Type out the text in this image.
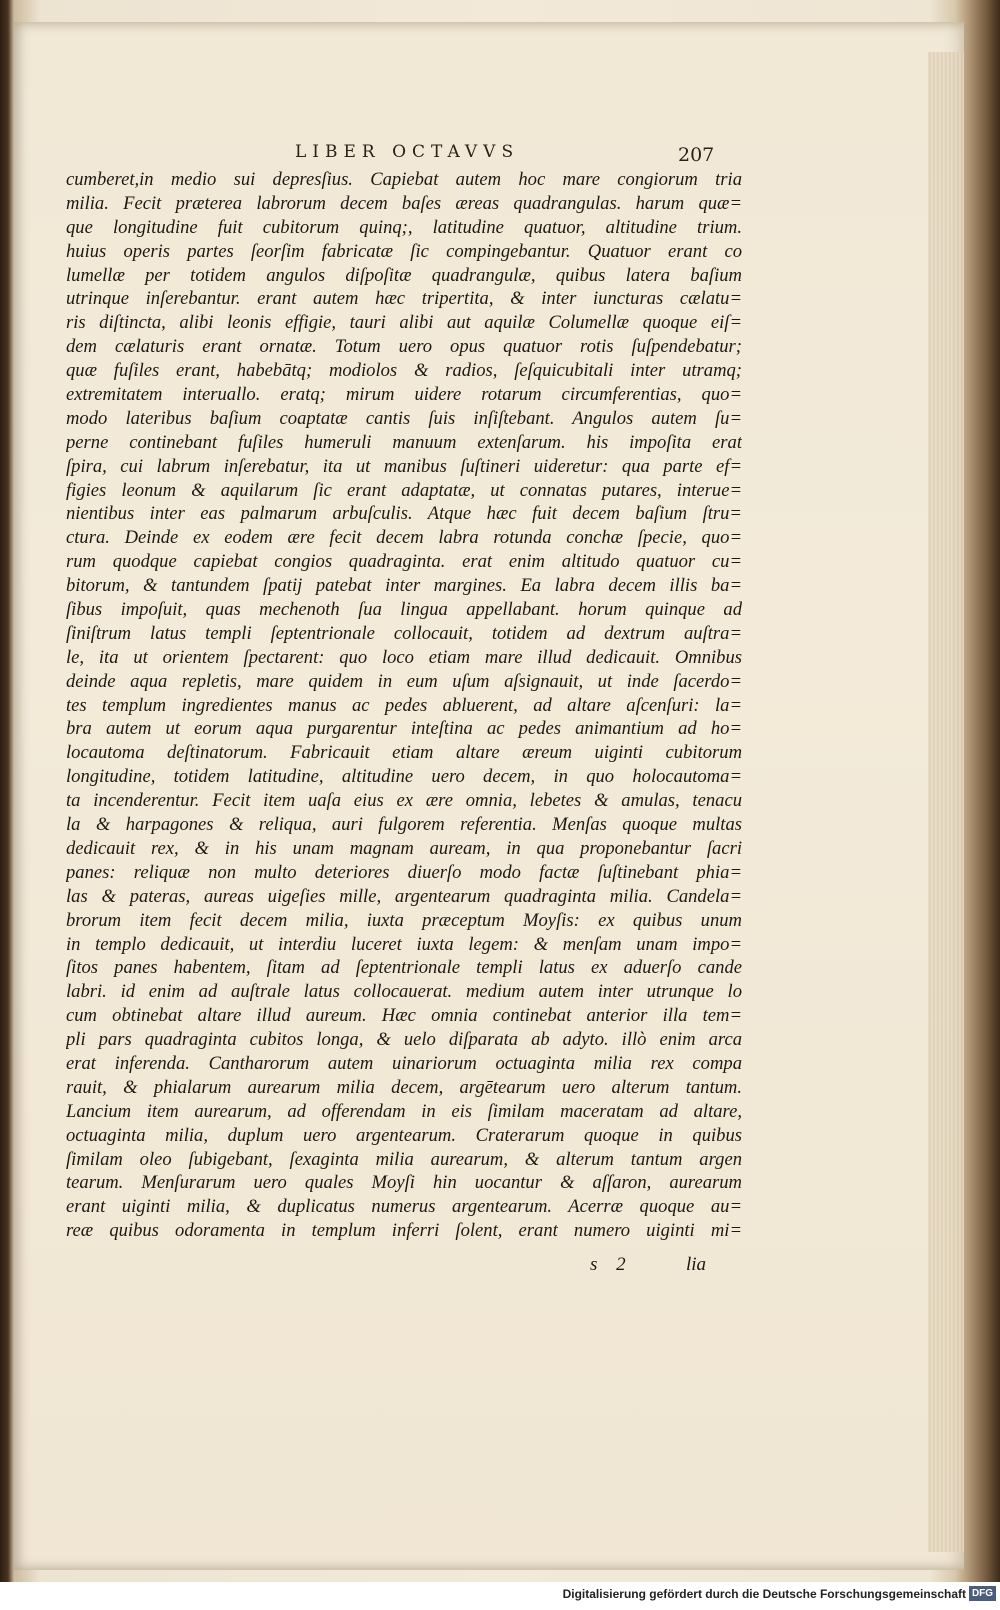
LIBER OCTAVVS	207
cumberet,in medio sui depresſius. Capiebat autem hoc mare congiorum tria
milia. Fecit præterea labrorum decem baſes æreas quadrangulas. harum quæ=
que longitudine fuit cubitorum quinq;, latitudine quatuor, altitudine trium.
huius operis partes ſeorſim fabricatæ ſic compingebantur. Quatuor erant co
lumellæ per totidem angulos diſpoſitæ quadrangulæ, quibus latera baſium
utrinque inſerebantur. erant autem hæc tripertita, & inter iuncturas cælatu=
ris diſtincta, alibi leonis effigie, tauri alibi aut aquilæ Columellæ quoque eiſ=
dem cælaturis erant ornatæ. Totum uero opus quatuor rotis ſuſpendebatur;
quæ fuſiles erant, habebātq; modiolos & radios, ſeſquicubitali inter utramq;
extremitatem interuallo. eratq; mirum uidere rotarum circumferentias, quo=
modo lateribus baſium coaptatæ cantis ſuis inſiſtebant. Angulos autem ſu=
perne continebant fuſiles humeruli manuum extenſarum. his impoſita erat
ſpira, cui labrum inſerebatur, ita ut manibus ſuſtineri uideretur: qua parte ef=
figies leonum & aquilarum ſic erant adaptatæ, ut connatas putares, interue=
nientibus inter eas palmarum arbuſculis. Atque hæc fuit decem baſium ſtru=
ctura. Deinde ex eodem ære fecit decem labra rotunda conchæ ſpecie, quo=
rum quodque capiebat congios quadraginta. erat enim altitudo quatuor cu=
bitorum, & tantundem ſpatij patebat inter margines. Ea labra decem illis ba=
ſibus impoſuit, quas mechenoth ſua lingua appellabant. horum quinque ad
ſiniſtrum latus templi ſeptentrionale collocauit, totidem ad dextrum auſtra=
le, ita ut orientem ſpectarent: quo loco etiam mare illud dedicauit. Omnibus
deinde aqua repletis, mare quidem in eum uſum aſsignauit, ut inde ſacerdo=
tes templum ingredientes manus ac pedes abluerent, ad altare aſcenſuri: la=
bra autem ut eorum aqua purgarentur inteſtina ac pedes animantium ad ho=
locautoma deſtinatorum. Fabricauit etiam altare æreum uiginti cubitorum
longitudine, totidem latitudine, altitudine uero decem, in quo holocautoma=
ta incenderentur. Fecit item uaſa eius ex ære omnia, lebetes & amulas, tenacu
la & harpagones & reliqua, auri fulgorem referentia. Menſas quoque multas
dedicauit rex, & in his unam magnam auream, in qua proponebantur ſacri
panes: reliquæ non multo deteriores diuerſo modo factæ ſuſtinebant phia=
las & pateras, aureas uigeſies mille, argentearum quadraginta milia. Candela=
brorum item fecit decem milia, iuxta præceptum Moyſis: ex quibus unum
in templo dedicauit, ut interdiu luceret iuxta legem: & menſam unam impo=
ſitos panes habentem, ſitam ad ſeptentrionale templi latus ex aduerſo cande
labri. id enim ad auſtrale latus collocauerat. medium autem inter utrunque lo
cum obtinebat altare illud aureum. Hæc omnia continebat anterior illa tem=
pli pars quadraginta cubitos longa, & uelo diſparata ab adyto. illò enim arca
erat inferenda. Cantharorum autem uinariorum octuaginta milia rex compa
rauit, & phialarum aurearum milia decem, argētearum uero alterum tantum.
Lancium item aurearum, ad offerendam in eis ſimilam maceratam ad altare,
octuaginta milia, duplum uero argentearum. Craterarum quoque in quibus
ſimilam oleo ſubigebant, ſexaginta milia aurearum, & alterum tantum argen
tearum. Menſurarum uero quales Moyſi hin uocantur & aſſaron, aurearum
erant uiginti milia, & duplicatus numerus argentearum. Acerræ quoque au=
reæ quibus odoramenta in templum inferri ſolent, erant numero uiginti mi=
s 2	lia
Digitalisierung gefördert durch die Deutsche Forschungsgemeinschaft DFG
